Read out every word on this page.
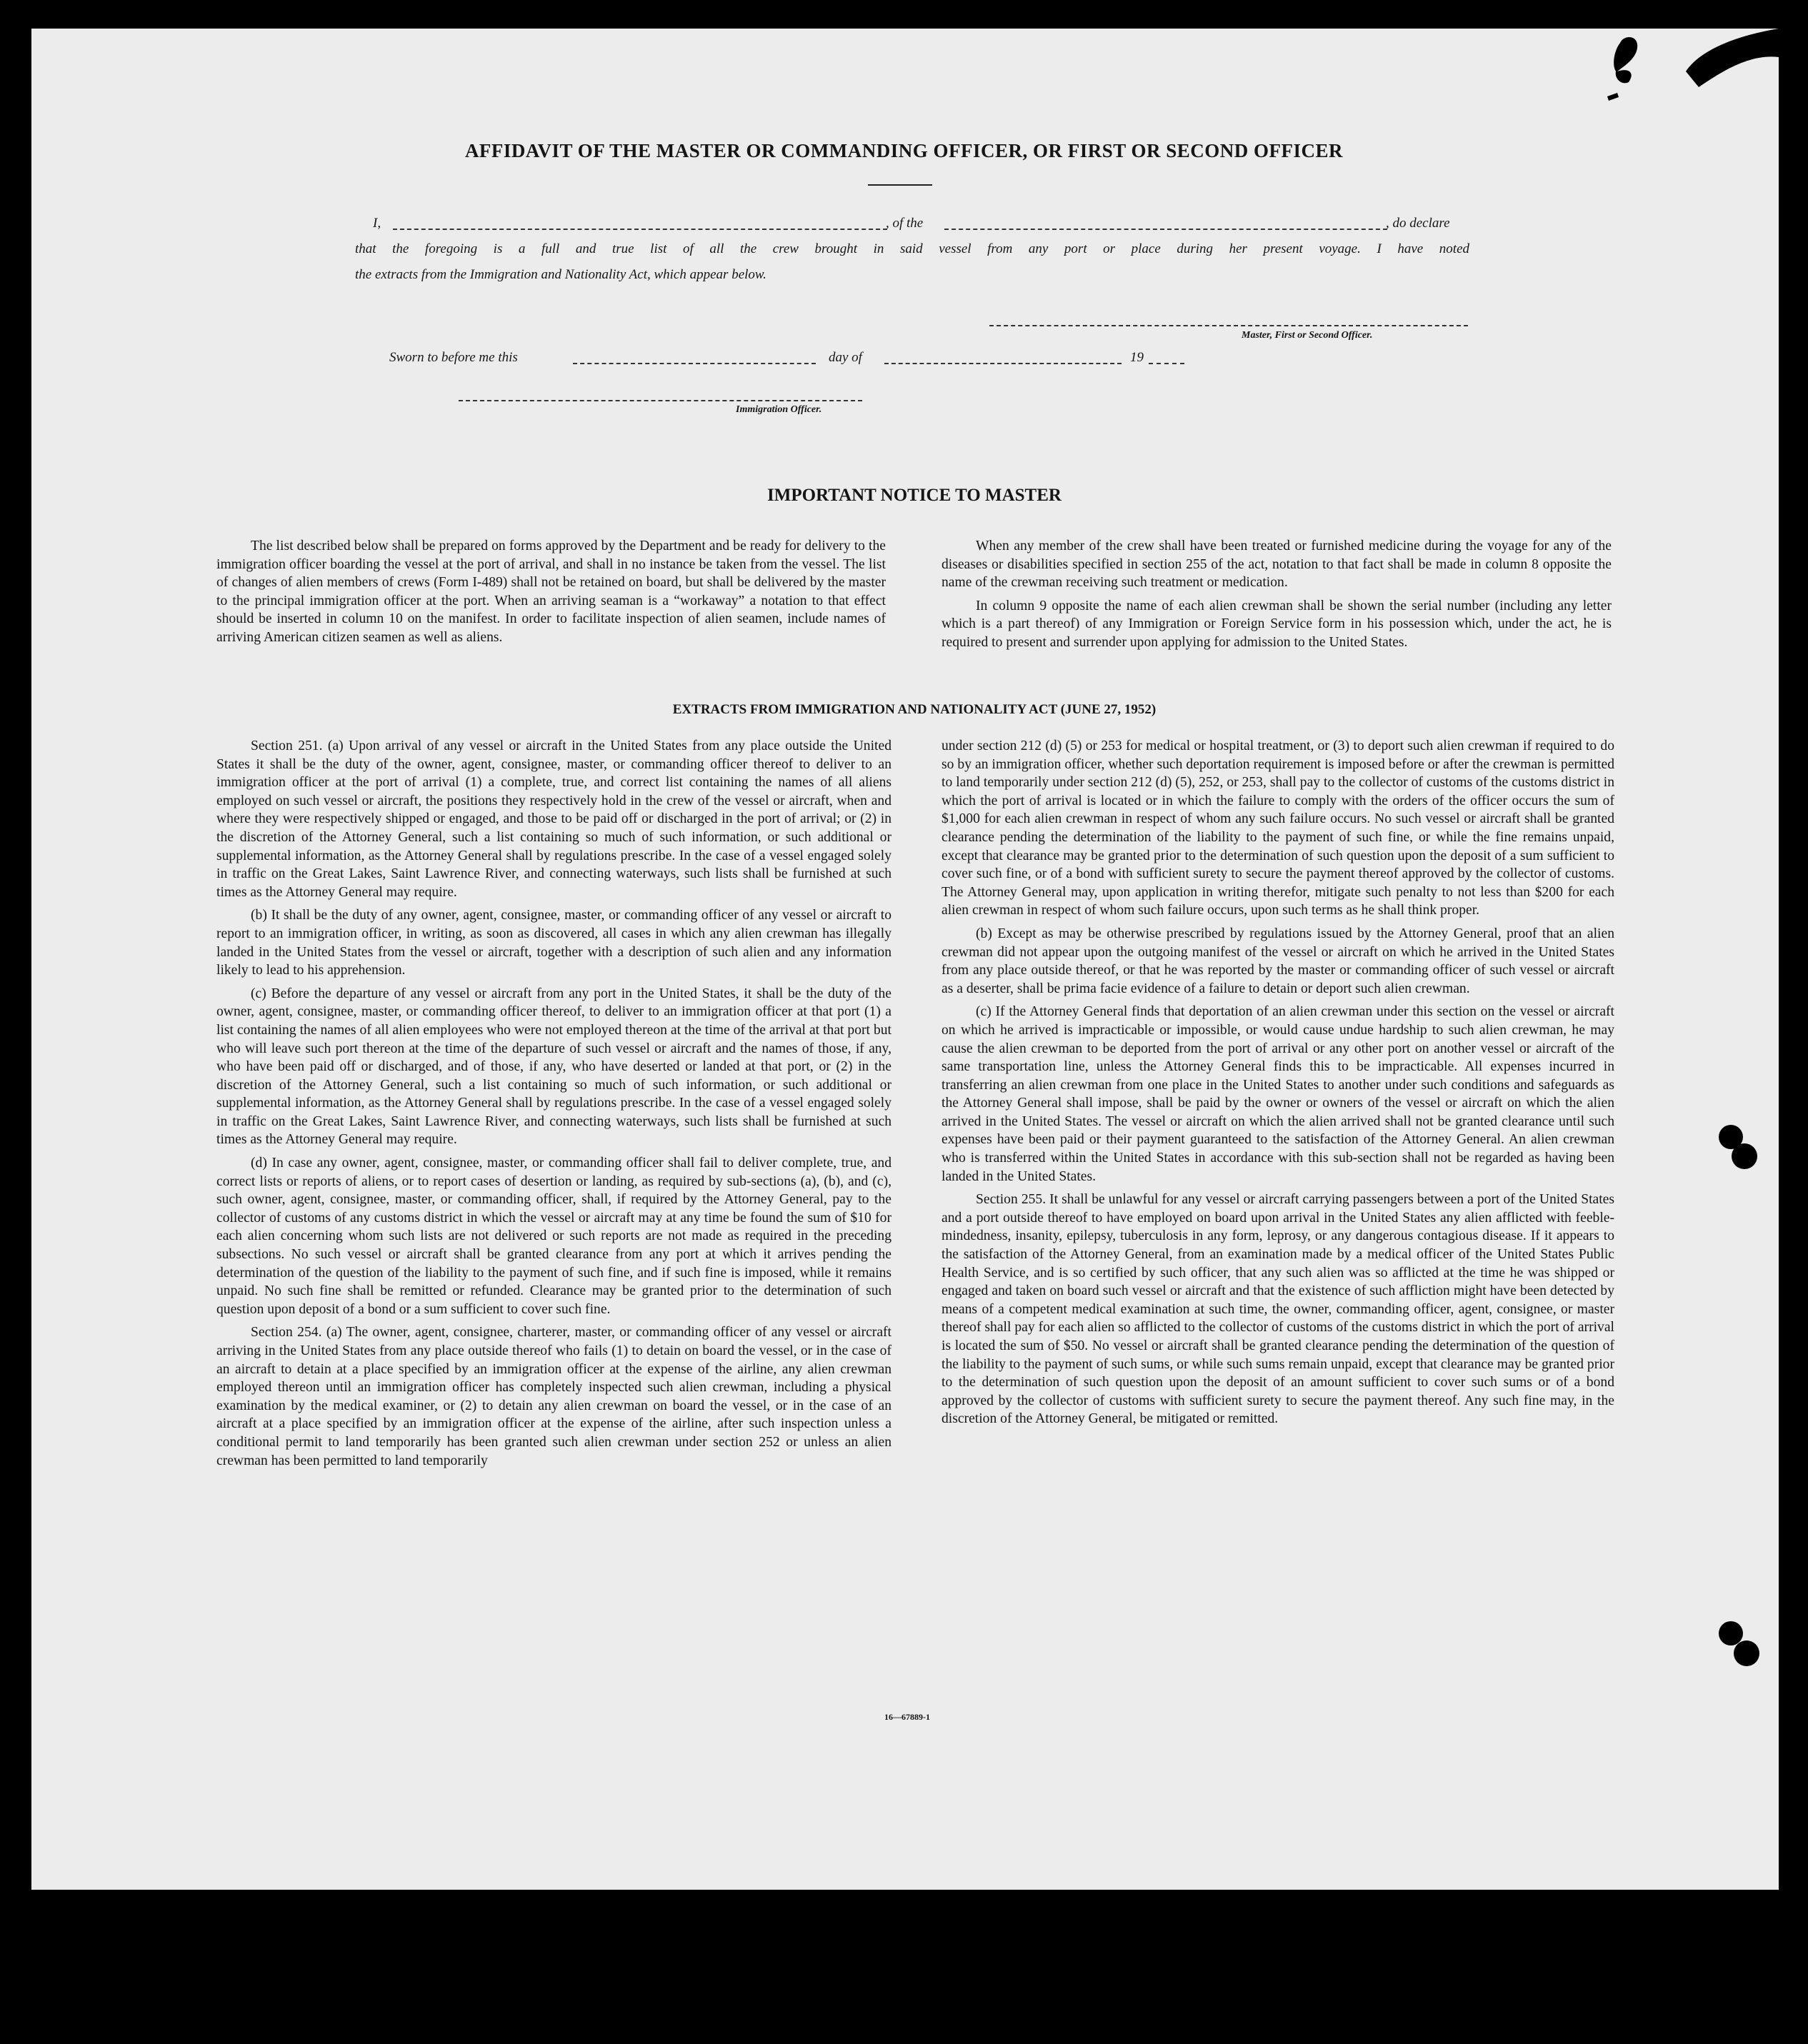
AFFIDAVIT OF THE MASTER OR COMMANDING OFFICER, OR FIRST OR SECOND OFFICER
I,	, of the	, do declare
that the foregoing is a full and true list of all the crew brought in said vessel from any port or place during her present voyage. I have noted
the extracts from the Immigration and Nationality Act, which appear below.
Master, First or Second Officer.
Sworn to before me this	day of	19
Immigration Officer.
IMPORTANT NOTICE TO MASTER

The list described below shall be prepared on forms approved by the Department and be ready for delivery to the immigration officer boarding the vessel at the port of arrival, and shall in no instance be taken from the vessel. The list of changes of alien members of crews (Form I-489) shall not be retained on board, but shall be delivered by the master to the principal immigration officer at the port. When an arriving seaman is a “workaway” a notation to that effect should be inserted in column 10 on the manifest. In order to facilitate inspection of alien seamen, include names of arriving American citizen seamen as well as aliens.

When any member of the crew shall have been treated or furnished medicine during the voyage for any of the diseases or disabilities specified in section 255 of the act, notation to that fact shall be made in column 8 opposite the name of the crewman receiving such treatment or medication.

In column 9 opposite the name of each alien crewman shall be shown the serial number (including any letter which is a part thereof) of any Immigration or Foreign Service form in his possession which, under the act, he is required to present and surrender upon applying for admission to the United States.

EXTRACTS FROM IMMIGRATION AND NATIONALITY ACT (JUNE 27, 1952)

Section 251. (a) Upon arrival of any vessel or aircraft in the United States from any place outside the United States it shall be the duty of the owner, agent, consignee, master, or commanding officer thereof to deliver to an immigration officer at the port of arrival (1) a complete, true, and correct list containing the names of all aliens employed on such vessel or aircraft, the positions they respectively hold in the crew of the vessel or aircraft, when and where they were respectively shipped or engaged, and those to be paid off or discharged in the port of arrival; or (2) in the discretion of the Attorney General, such a list containing so much of such information, or such additional or supplemental information, as the Attorney General shall by regulations prescribe. In the case of a vessel engaged solely in traffic on the Great Lakes, Saint Lawrence River, and connecting waterways, such lists shall be furnished at such times as the Attorney General may require.

(b) It shall be the duty of any owner, agent, consignee, master, or commanding officer of any vessel or aircraft to report to an immigration officer, in writing, as soon as discovered, all cases in which any alien crewman has illegally landed in the United States from the vessel or aircraft, together with a description of such alien and any information likely to lead to his apprehension.

(c) Before the departure of any vessel or aircraft from any port in the United States, it shall be the duty of the owner, agent, consignee, master, or commanding officer thereof, to deliver to an immigration officer at that port (1) a list containing the names of all alien employees who were not employed thereon at the time of the arrival at that port but who will leave such port thereon at the time of the departure of such vessel or aircraft and the names of those, if any, who have been paid off or discharged, and of those, if any, who have deserted or landed at that port, or (2) in the discretion of the Attorney General, such a list containing so much of such information, or such additional or supplemental information, as the Attorney General shall by regulations prescribe. In the case of a vessel engaged solely in traffic on the Great Lakes, Saint Lawrence River, and connecting waterways, such lists shall be furnished at such times as the Attorney General may require.

(d) In case any owner, agent, consignee, master, or commanding officer shall fail to deliver complete, true, and correct lists or reports of aliens, or to report cases of desertion or landing, as required by sub-sections (a), (b), and (c), such owner, agent, consignee, master, or commanding officer, shall, if required by the Attorney General, pay to the collector of customs of any customs district in which the vessel or aircraft may at any time be found the sum of $10 for each alien concerning whom such lists are not delivered or such reports are not made as required in the preceding subsections. No such vessel or aircraft shall be granted clearance from any port at which it arrives pending the determination of the question of the liability to the payment of such fine, and if such fine is imposed, while it remains unpaid. No such fine shall be remitted or refunded. Clearance may be granted prior to the determination of such question upon deposit of a bond or a sum sufficient to cover such fine.

Section 254. (a) The owner, agent, consignee, charterer, master, or commanding officer of any vessel or aircraft arriving in the United States from any place outside thereof who fails (1) to detain on board the vessel, or in the case of an aircraft to detain at a place specified by an immigration officer at the expense of the airline, any alien crewman employed thereon until an immigration officer has completely inspected such alien crewman, including a physical examination by the medical examiner, or (2) to detain any alien crewman on board the vessel, or in the case of an aircraft at a place specified by an immigration officer at the expense of the airline, after such inspection unless a conditional permit to land temporarily has been granted such alien crewman under section 252 or unless an alien crewman has been permitted to land temporarily

under section 212 (d) (5) or 253 for medical or hospital treatment, or (3) to deport such alien crewman if required to do so by an immigration officer, whether such deportation requirement is imposed before or after the crewman is permitted to land temporarily under section 212 (d) (5), 252, or 253, shall pay to the collector of customs of the customs district in which the port of arrival is located or in which the failure to comply with the orders of the officer occurs the sum of $1,000 for each alien crewman in respect of whom any such failure occurs. No such vessel or aircraft shall be granted clearance pending the determination of the liability to the payment of such fine, or while the fine remains unpaid, except that clearance may be granted prior to the determination of such question upon the deposit of a sum sufficient to cover such fine, or of a bond with sufficient surety to secure the payment thereof approved by the collector of customs. The Attorney General may, upon application in writing therefor, mitigate such penalty to not less than $200 for each alien crewman in respect of whom such failure occurs, upon such terms as he shall think proper.

(b) Except as may be otherwise prescribed by regulations issued by the Attorney General, proof that an alien crewman did not appear upon the outgoing manifest of the vessel or aircraft on which he arrived in the United States from any place outside thereof, or that he was reported by the master or commanding officer of such vessel or aircraft as a deserter, shall be prima facie evidence of a failure to detain or deport such alien crewman.

(c) If the Attorney General finds that deportation of an alien crewman under this section on the vessel or aircraft on which he arrived is impracticable or impossible, or would cause undue hardship to such alien crewman, he may cause the alien crewman to be deported from the port of arrival or any other port on another vessel or aircraft of the same transportation line, unless the Attorney General finds this to be impracticable. All expenses incurred in transferring an alien crewman from one place in the United States to another under such conditions and safeguards as the Attorney General shall impose, shall be paid by the owner or owners of the vessel or aircraft on which the alien arrived in the United States. The vessel or aircraft on which the alien arrived shall not be granted clearance until such expenses have been paid or their payment guaranteed to the satisfaction of the Attorney General. An alien crewman who is transferred within the United States in accordance with this sub-section shall not be regarded as having been landed in the United States.

Section 255. It shall be unlawful for any vessel or aircraft carrying passengers between a port of the United States and a port outside thereof to have employed on board upon arrival in the United States any alien afflicted with feeble-mindedness, insanity, epilepsy, tuberculosis in any form, leprosy, or any dangerous contagious disease. If it appears to the satisfaction of the Attorney General, from an examination made by a medical officer of the United States Public Health Service, and is so certified by such officer, that any such alien was so afflicted at the time he was shipped or engaged and taken on board such vessel or aircraft and that the existence of such affliction might have been detected by means of a competent medical examination at such time, the owner, commanding officer, agent, consignee, or master thereof shall pay for each alien so afflicted to the collector of customs of the customs district in which the port of arrival is located the sum of $50. No vessel or aircraft shall be granted clearance pending the determination of the question of the liability to the payment of such sums, or while such sums remain unpaid, except that clearance may be granted prior to the determination of such question upon the deposit of an amount sufficient to cover such sums or of a bond approved by the collector of customs with sufficient surety to secure the payment thereof. Any such fine may, in the discretion of the Attorney General, be mitigated or remitted.

16—67889-1
